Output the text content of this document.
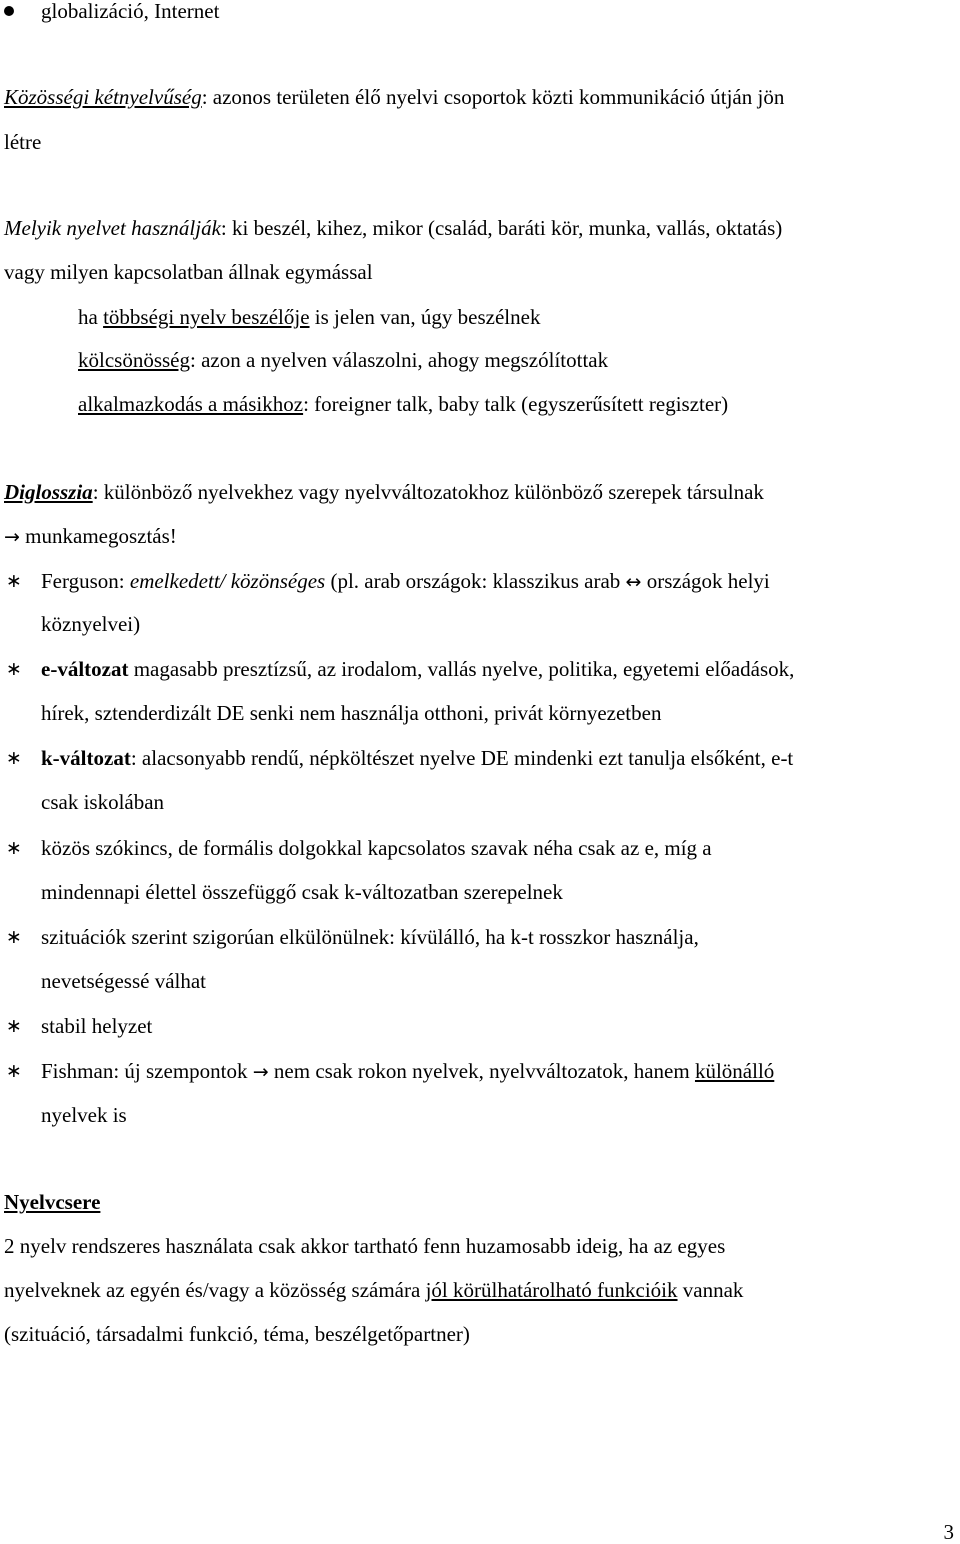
globalizáció, Internet
Közösségi kétnyelvűség: azonos területen élő nyelvi csoportok közti kommunikáció útján jön
létre
Melyik nyelvet használják: ki beszél, kihez, mikor (család, baráti kör, munka, vallás, oktatás)
vagy milyen kapcsolatban állnak egymással
ha többségi nyelv beszélője is jelen van, úgy beszélnek
kölcsönösség: azon a nyelven válaszolni, ahogy megszólítottak
alkalmazkodás a másikhoz: foreigner talk, baby talk (egyszerűsített regiszter)
Diglosszia: különböző nyelvekhez vagy nyelvváltozatokhoz különböző szerepek társulnak
→ munkamegosztás!
∗ Ferguson: emelkedett/ közönséges (pl. arab országok: klasszikus arab ↔ országok helyi
köznyelvei)
∗ e-változat magasabb presztízsű, az irodalom, vallás nyelve, politika, egyetemi előadások,
hírek, sztenderdizált DE senki nem használja otthoni, privát környezetben
∗ k-változat: alacsonyabb rendű, népköltészet nyelve DE mindenki ezt tanulja elsőként, e-t
csak iskolában
∗ közös szókincs, de formális dolgokkal kapcsolatos szavak néha csak az e, míg a
mindennapi élettel összefüggő csak k-változatban szerepelnek
∗ szituációk szerint szigorúan elkülönülnek: kívülálló, ha k-t rosszkor használja,
nevetségessé válhat
∗ stabil helyzet
∗ Fishman: új szempontok → nem csak rokon nyelvek, nyelvváltozatok, hanem különálló
nyelvek is
Nyelvcsere
2 nyelv rendszeres használata csak akkor tartható fenn huzamosabb ideig, ha az egyes
nyelveknek az egyén és/vagy a közösség számára jól körülhatárolható funkcióik vannak
(szituáció, társadalmi funkció, téma, beszélgetőpartner)
3
